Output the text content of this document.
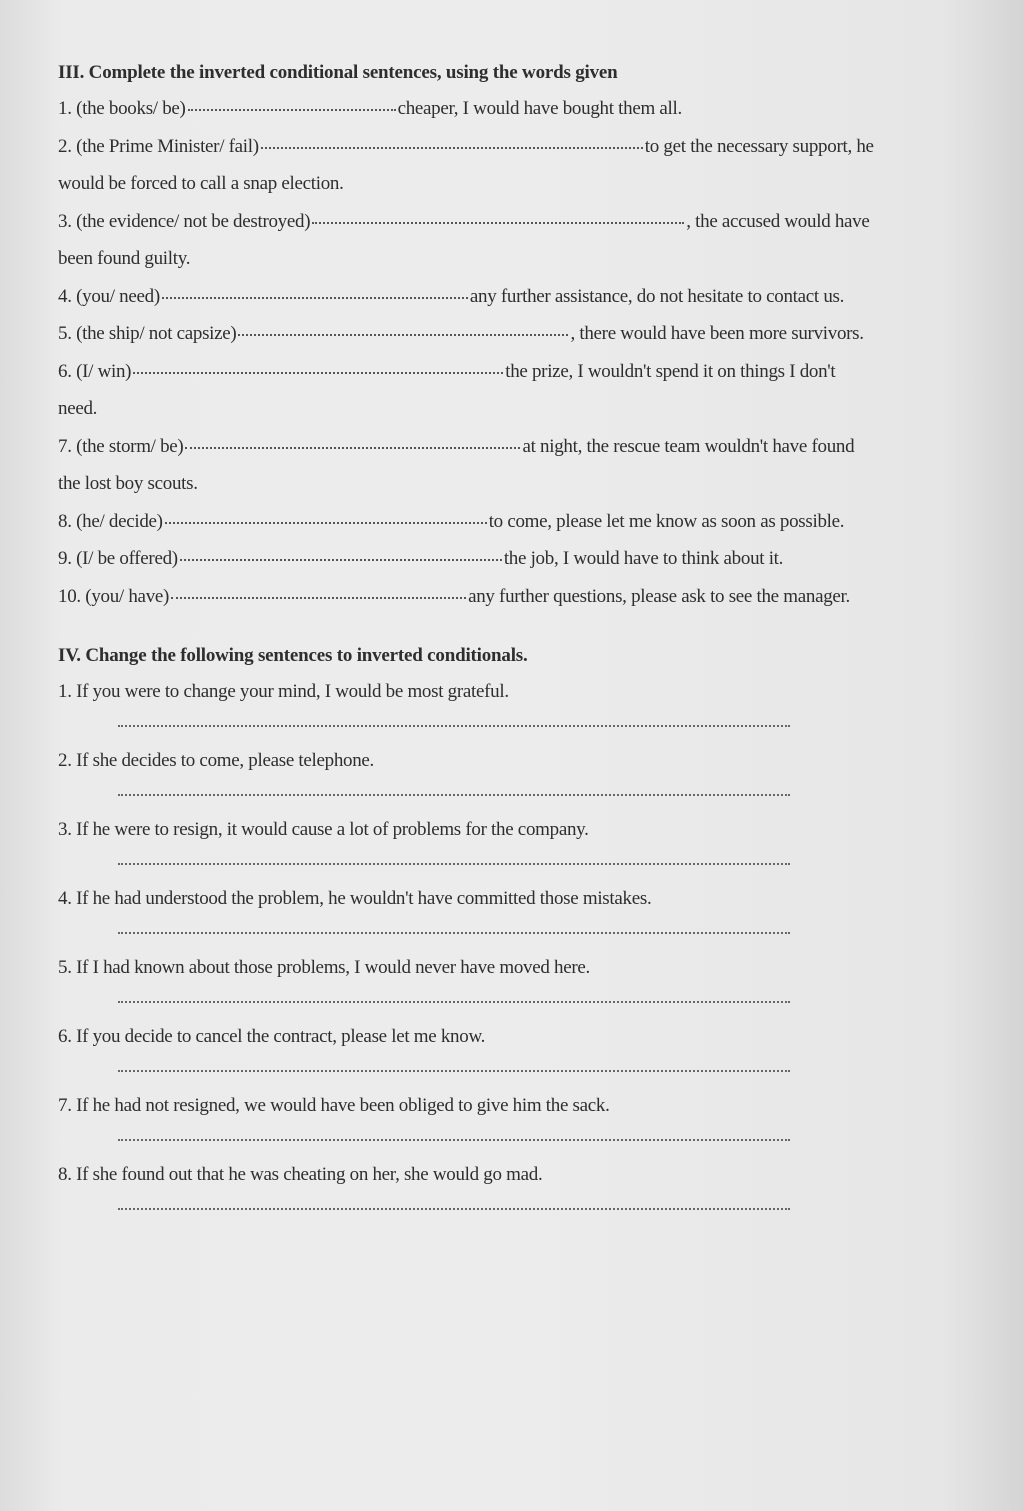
III. Complete the inverted conditional sentences, using the words given
1. (the books/ be)	cheaper, I would have bought them all.
2. (the Prime Minister/ fail)	to get the necessary support, he
would be forced to call a snap election.
3. (the evidence/ not be destroyed)	, the accused would have
been found guilty.
4. (you/ need)	any further assistance, do not hesitate to contact us.
5. (the ship/ not capsize)	, there would have been more survivors.
6. (I/ win)	the prize, I wouldn't spend it on things I don't
need.
7. (the storm/ be)	at night, the rescue team wouldn't have found
the lost boy scouts.
8. (he/ decide)	to come, please let me know as soon as possible.
9. (I/ be offered)	the job, I would have to think about it.
10. (you/ have)	any further questions, please ask to see the manager.
IV. Change the following sentences to inverted conditionals.
1. If you were to change your mind, I would be most grateful.
2. If she decides to come, please telephone.
3. If he were to resign, it would cause a lot of problems for the company.
4. If he had understood the problem, he wouldn't have committed those mistakes.
5. If I had known about those problems, I would never have moved here.
6. If you decide to cancel the contract, please let me know.
7. If he had not resigned, we would have been obliged to give him the sack.
8. If she found out that he was cheating on her, she would go mad.
